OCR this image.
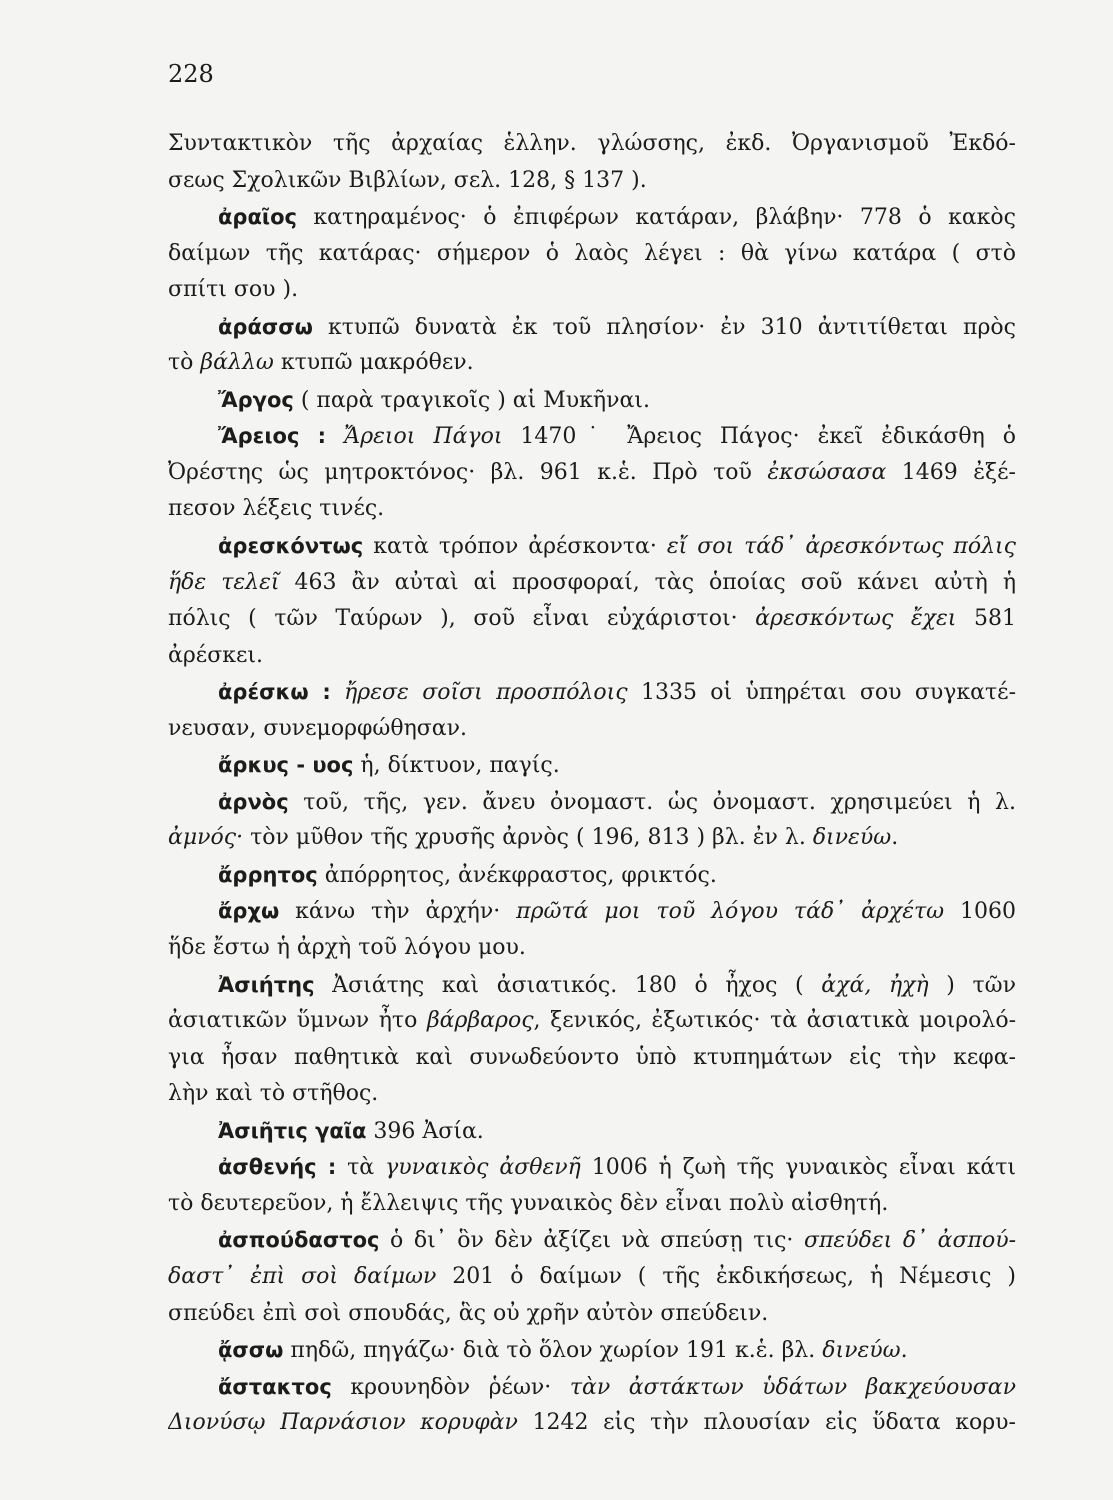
228
Συντακτικὸν τῆς ἀρχαίας ἑλλην. γλώσσης, ἐκδ. Ὀργανισμοῦ Ἐκδό-
σεως Σχολικῶν Βιβλίων, σελ. 128, § 137 ).
ἀραῖος κατηραμένος· ὁ ἐπιφέρων κατάραν, βλάβην· 778 ὁ κακὸς
δαίμων τῆς κατάρας· σήμερον ὁ λαὸς λέγει : θὰ γίνω κατάρα ( στὸ
σπίτι σου ).
ἀράσσω κτυπῶ δυνατὰ ἐκ τοῦ πλησίον· ἐν 310 ἀντιτίθεται πρὸς
τὸ βάλλω κτυπῶ μακρόθεν.
Ἄργος ( παρὰ τραγικοῖς ) αἱ Μυκῆναι.
Ἄρειος : Ἄρειοι Πάγοι 1470˙ Ἄρειος Πάγος· ἐκεῖ ἐδικάσθη ὁ
Ὀρέστης ὡς μητροκτόνος· βλ. 961 κ.ἑ. Πρὸ τοῦ ἐκσώσασα 1469 ἐξέ-
πεσον λέξεις τινές.
ἀρεσκόντως κατὰ τρόπον ἀρέσκοντα· εἴ σοι τάδ᾽ ἀρεσκόντως πόλις
ἥδε τελεῖ 463 ἂν αὐταὶ αἱ προσφοραί, τὰς ὁποίας σοῦ κάνει αὐτὴ ἡ
πόλις ( τῶν Ταύρων ), σοῦ εἶναι εὐχάριστοι· ἀρεσκόντως ἔχει 581
ἀρέσκει.
ἀρέσκω : ἤρεσε σοῖσι προσπόλοις 1335 οἱ ὑπηρέται σου συγκατέ-
νευσαν, συνεμορφώθησαν.
ἄρκυς - υος ἡ, δίκτυον, παγίς.
ἀρνὸς τοῦ, τῆς, γεν. ἄνευ ὀνομαστ. ὡς ὀνομαστ. χρησιμεύει ἡ λ.
ἀμνός· τὸν μῦθον τῆς χρυσῆς ἀρνὸς ( 196, 813 ) βλ. ἐν λ. δινεύω.
ἄρρητος ἀπόρρητος, ἀνέκφραστος, φρικτός.
ἄρχω κάνω τὴν ἀρχήν· πρῶτά μοι τοῦ λόγου τάδ᾽ ἀρχέτω 1060
ἥδε ἔστω ἡ ἀρχὴ τοῦ λόγου μου.
Ἀσιήτης Ἀσιάτης καὶ ἀσιατικός. 180 ὁ ἦχος ( ἀχά, ἠχὴ ) τῶν
ἀσιατικῶν ὕμνων ἦτο βάρβαρος, ξενικός, ἐξωτικός· τὰ ἀσιατικὰ μοιρολό-
για ἦσαν παθητικὰ καὶ συνωδεύοντο ὑπὸ κτυπημάτων εἰς τὴν κεφα-
λὴν καὶ τὸ στῆθος.
Ἀσιῆτις γαῖα 396 Ἀσία.
ἀσθενής : τὰ γυναικὸς ἀσθενῆ 1006 ἡ ζωὴ τῆς γυναικὸς εἶναι κάτι
τὸ δευτερεῦον, ἡ ἔλλειψις τῆς γυναικὸς δὲν εἶναι πολὺ αἰσθητή.
ἀσπούδαστος ὁ δι᾽ ὃν δὲν ἀξίζει νὰ σπεύσῃ τις· σπεύδει δ᾽ ἀσπού-
δαστ᾽ ἐπὶ σοὶ δαίμων 201 ὁ δαίμων ( τῆς ἐκδικήσεως, ἡ Νέμεσις )
σπεύδει ἐπὶ σοὶ σπουδάς, ἃς οὐ χρῆν αὐτὸν σπεύδειν.
ᾄσσω πηδῶ, πηγάζω· διὰ τὸ ὅλον χωρίον 191 κ.ἑ. βλ. δινεύω.
ἄστακτος κρουνηδὸν ῥέων· τὰν ἀστάκτων ὑδάτων βακχεύουσαν
Διονύσῳ Παρνάσιον κορυφὰν 1242 εἰς τὴν πλουσίαν εἰς ὕδατα κορυ-
